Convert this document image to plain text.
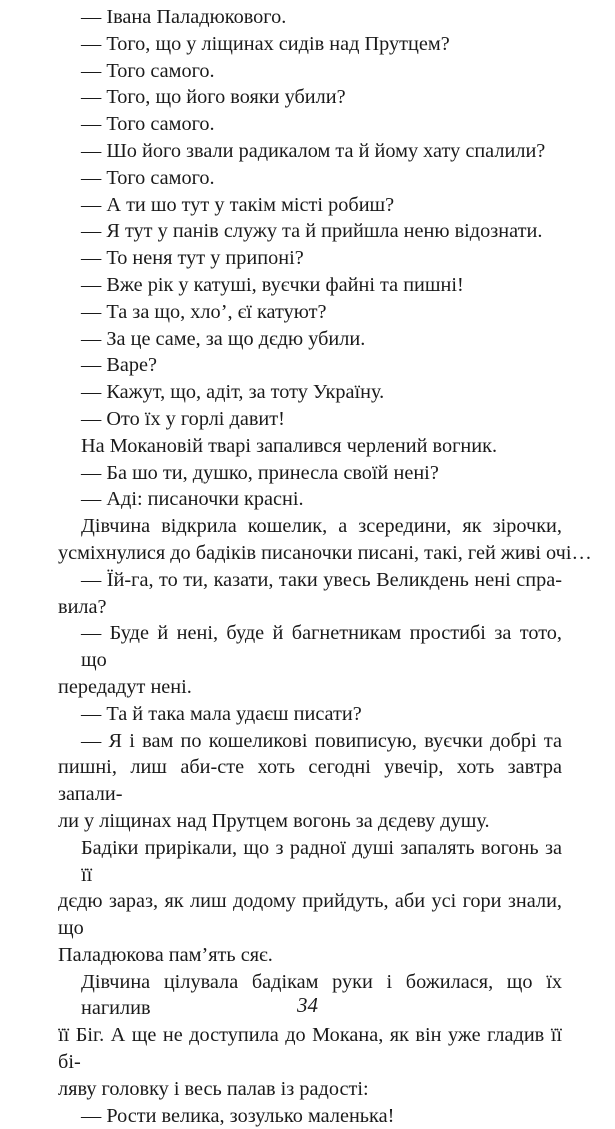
— Івана Паладюкового.
— Того, що у ліщинах сидів над Прутцем?
— Того самого.
— Того, що його вояки убили?
— Того самого.
— Шо його звали радикалом та й йому хату спалили?
— Того самого.
— А ти шо тут у такім місті робиш?
— Я тут у панів служу та й прийшла неню відознати.
— То неня тут у припоні?
— Вже рік у катуші, вуєчки файні та пишні!
— Та за що, хло’, єї катуют?
— За це саме, за що дєдю убили.
— Варе?
— Кажут, що, адіт, за тоту Україну.
— Ото їх у горлі давит!
На Мокановій тварі запалився черлений вогник.
— Ба шо ти, душко, принесла своїй нені?
— Аді: писаночки красні.
Дівчина відкрила кошелик, а зсередини, як зірочки,
усміхнулися до бадіків писаночки писані, такі, гей живі очі…
— Їй-га, то ти, казати, таки увесь Великдень нені спра-
вила?
— Буде й нені, буде й багнетникам простибі за тото, що
передадут нені.
— Та й така мала удаєш писати?
— Я і вам по кошеликові повиписую, вуєчки добрі та
пишні, лиш аби-сте хоть сегодні увечір, хоть завтра запали-
ли у ліщинах над Прутцем вогонь за дєдеву душу.
Бадіки прирікали, що з радної душі запалять вогонь за її
дєдю зараз, як лиш додому прийдуть, аби усі гори знали, що
Паладюкова пам’ять сяє.
Дівчина цілувала бадікам руки і божилася, що їх нагилив
її Біг. А ще не доступила до Мокана, як він уже гладив її бі-
ляву головку і весь палав із радості:
— Рости велика, зозулько маленька!
34
